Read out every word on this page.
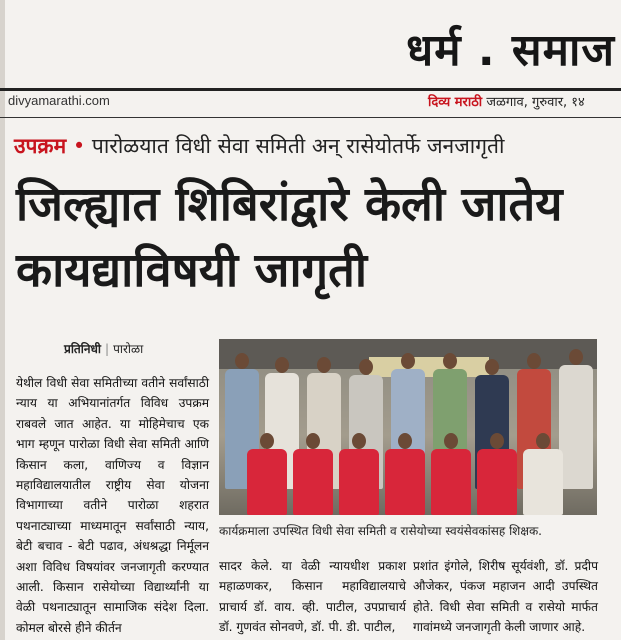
धर्म . समाज
divyamarathi.com	दिव्य मराठी जळगाव, गुरुवार, १४
उपक्रम • पारोळयात विधी सेवा समिती अन् रासेयोतर्फे जनजागृती
जिल्ह्यात शिबिरांद्वारे केली जातेय कायद्याविषयी जागृती
प्रतिनिधी | पारोळा

येथील विधी सेवा समितीच्या वतीने सर्वांसाठी न्याय या अभियानांतर्गत विविध उपक्रम राबवले जात आहेत. या मोहिमेचाच एक भाग म्हणून पारोळा विधी सेवा समिती आणि किसान कला, वाणिज्य व विज्ञान महाविद्यालयातील राष्ट्रीय सेवा योजना विभागाच्या वतीने पारोळा शहरात पथनाट्याच्या माध्यमातून सर्वांसाठी न्याय, बेटी बचाव - बेटी पढाव, अंधश्रद्धा निर्मूलन अशा विविध विषयांवर जनजागृती करण्यात आली. किसान रासेयोच्या विद्यार्थ्यांनी या वेळी पथनाट्यातून सामाजिक संदेश दिला. कोमल बोरसे हीने कीर्तन

कार्यक्रमाला उपस्थित विधी सेवा समिती व रासेयोच्या स्वयंसेवकांसह शिक्षक.

सादर केले. या वेळी न्यायधीश प्रकाश महाळणकर, किसान महाविद्यालयाचे प्राचार्य डॉ. वाय. व्ही. पाटील, उपप्राचार्य डॉ. गुणवंत सोनवणे, डॉ. पी. डी. पाटील,

प्रशांत इंगोले, शिरीष सूर्यवंशी, डॉ. प्रदीप औजेकर, पंकज महाजन आदी उपस्थित होते. विधी सेवा समिती व रासेयो मार्फत गावांमध्ये जनजागृती केली जाणार आहे.
